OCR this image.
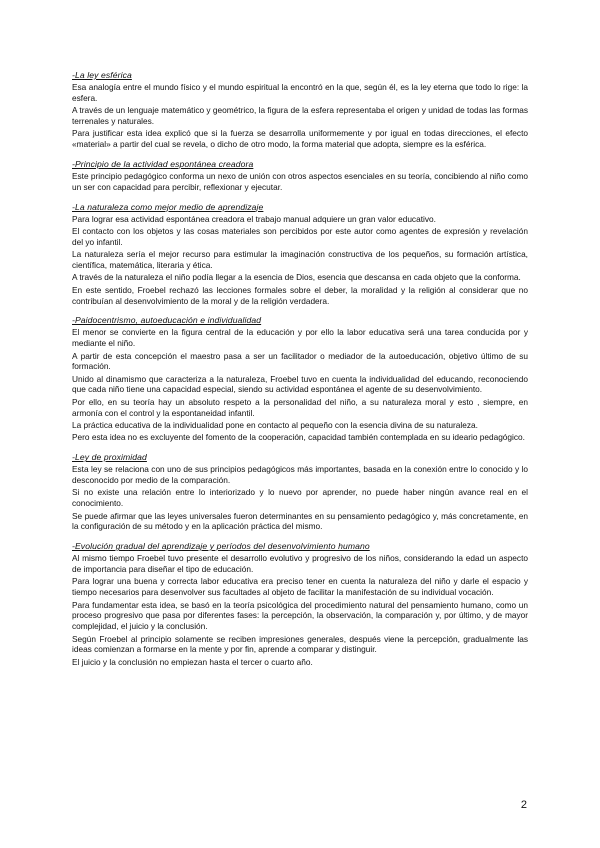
-La ley esférica
Esa analogía entre el mundo físico y el mundo espiritual la encontró en la que, según él, es la ley eterna que todo lo rige: la esfera.
A través de un lenguaje matemático y geométrico, la figura de la esfera representaba el origen y unidad de todas las formas terrenales y naturales.
Para justificar esta idea explicó que si la fuerza se desarrolla uniformemente y por igual en todas direcciones, el efecto «material» a partir del cual se revela, o dicho de otro modo, la forma material que adopta, siempre es la esférica.
-Principio de la actividad espontánea creadora
Este principio pedagógico conforma un nexo de unión con otros aspectos esenciales en su teoría, concibiendo al niño como un ser con capacidad para percibir, reflexionar y ejecutar.
-La naturaleza como mejor medio de aprendizaje
Para lograr esa actividad espontánea creadora el trabajo manual adquiere un gran valor educativo.
El contacto con los objetos y las cosas materiales son percibidos por este autor como agentes de expresión y revelación del yo infantil.
La naturaleza sería el mejor recurso para estimular la imaginación constructiva de los pequeños, su formación artística, científica, matemática, literaria y ética.
A través de la naturaleza el niño podía llegar a la esencia de Dios, esencia que descansa en cada objeto que la conforma.
En este sentido, Froebel rechazó las lecciones formales sobre el deber, la moralidad y la religión al considerar que no contribuían al desenvolvimiento de la moral y de la religión verdadera.
-Paidocentrismo, autoeducación e individualidad
El menor se convierte en la figura central de la educación y por ello la labor educativa será una tarea conducida por y mediante el niño.
A partir de esta concepción el maestro pasa a ser un facilitador o mediador de la autoeducación, objetivo último de su formación.
Unido al dinamismo que caracteriza a la naturaleza, Froebel tuvo en cuenta la individualidad del educando, reconociendo que cada niño tiene una capacidad especial, siendo su actividad espontánea el agente de su desenvolvimiento.
Por ello, en su teoría hay un absoluto respeto a la personalidad del niño, a su naturaleza moral y esto , siempre, en armonía con el control y la espontaneidad infantil.
La práctica educativa de la individualidad pone en contacto al pequeño con la esencia divina de su naturaleza.
Pero esta idea no es excluyente del fomento de la cooperación, capacidad también contemplada en su ideario pedagógico.
-Ley de proximidad
Esta ley se relaciona con uno de sus principios pedagógicos más importantes, basada en la conexión entre lo conocido y lo desconocido por medio de la comparación.
Si no existe una relación entre lo interiorizado y lo nuevo por aprender, no puede haber ningún avance real en el conocimiento.
Se puede afirmar que las leyes universales fueron determinantes en su pensamiento pedagógico y, más concretamente, en la configuración de su método y en la aplicación práctica del mismo.
-Evolución gradual del aprendizaje y períodos del desenvolvimiento humano
Al mismo tiempo Froebel tuvo presente el desarrollo evolutivo y progresivo de los niños, considerando la edad un aspecto de importancia para diseñar el tipo de educación.
Para lograr una buena y correcta labor educativa era preciso tener en cuenta la naturaleza del niño y darle el espacio y tiempo necesarios para desenvolver sus facultades al objeto de facilitar la manifestación de su individual vocación.
Para fundamentar esta idea, se basó en la teoría psicológica del procedimiento natural del pensamiento humano, como un proceso progresivo que pasa por diferentes fases: la percepción, la observación, la comparación y, por último, y de mayor complejidad, el juicio y la conclusión.
Según Froebel al principio solamente se reciben impresiones generales, después viene la percepción, gradualmente las ideas comienzan a formarse en la mente y por fin, aprende a comparar y distinguir.
El juicio y la conclusión no empiezan hasta el tercer o cuarto año.
2
